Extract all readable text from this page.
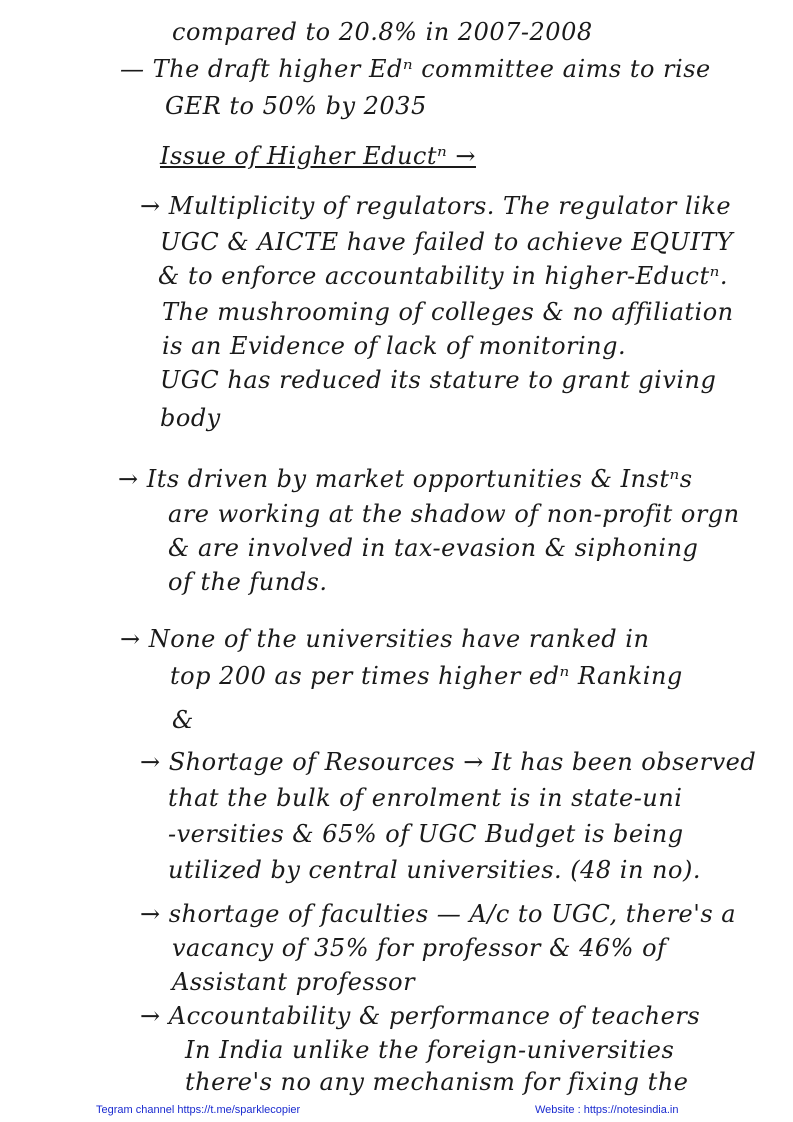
compared to 20.8% in 2007-2008
— The draft higher Edⁿ committee aims to rise
GER to 50% by 2035
Issue of Higher Eductⁿ →
→ Multiplicity of regulators. The regulator like
UGC & AICTE have failed to achieve EQUITY
& to enforce accountability in higher-Eductⁿ.
The mushrooming of colleges & no affiliation
is an Evidence of lack of monitoring.
UGC has reduced its stature to grant giving
body
→ Its driven by market opportunities & Instⁿs
are working at the shadow of non-profit orgn
& are involved in tax-evasion & siphoning
of the funds.
→ None of the universities have ranked in
top 200 as per times higher edⁿ Ranking
&
→ Shortage of Resources → It has been observed
that the bulk of enrolment is in state-uni
-versities & 65% of UGC Budget is being
utilized by central universities. (48 in no).
→ shortage of faculties — A/c to UGC, there's a
vacancy of 35% for professor & 46% of
Assistant professor
→ Accountability & performance of teachers
In India unlike the foreign-universities
there's no any mechanism for fixing the
Tegram channel https://t.me/sparklecopier	Website : https://notesindia.in
